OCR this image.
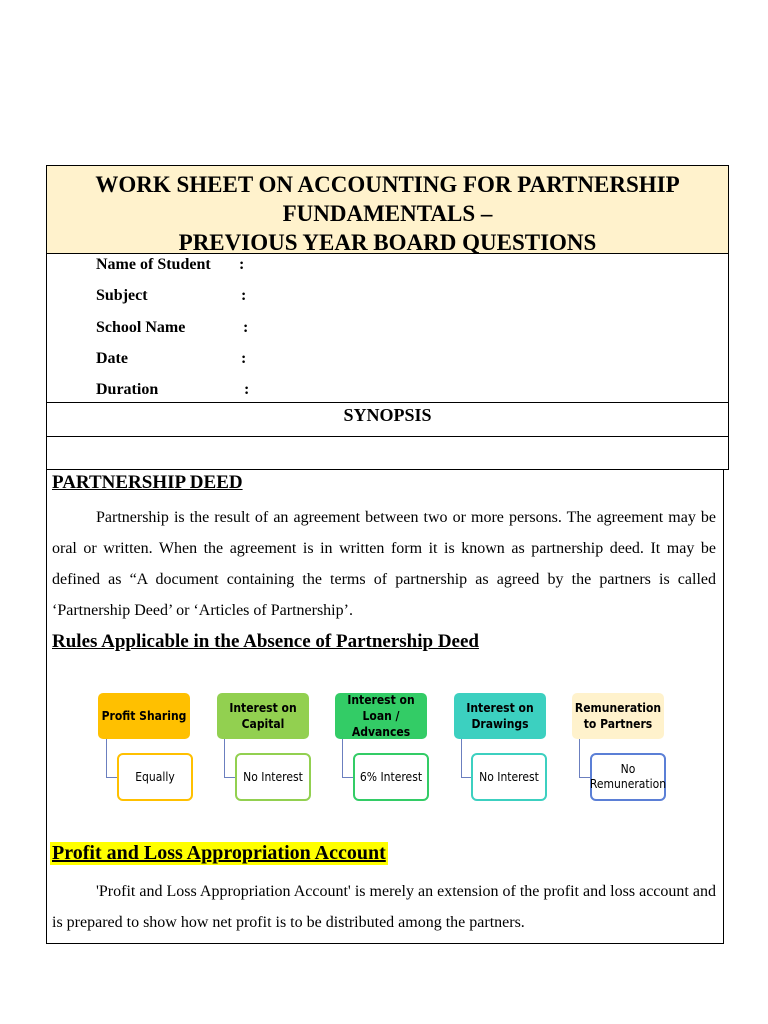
WORK SHEET ON ACCOUNTING FOR PARTNERSHIP
FUNDAMENTALS –
PREVIOUS YEAR BOARD QUESTIONS
Name of Student :
Subject	:
School Name	:
Date	:
Duration	:
SYNOPSIS
PARTNERSHIP DEED
Partnership is the result of an agreement between two or more persons. The agreement may be oral or written. When the agreement is in written form it is known as partnership deed. It may be defined as “A document containing the terms of partnership as agreed by the partners is called ‘Partnership Deed’ or ‘Articles of Partnership’.
Rules Applicable in the Absence of Partnership Deed
Profit Sharing
Equally
Interest on Capital
No Interest
Interest on Loan / Advances
6% Interest
Interest on Drawings
No Interest
Remuneration to Partners
No Remuneration
Profit and Loss Appropriation Account
'Profit and Loss Appropriation Account' is merely an extension of the profit and loss account and is prepared to show how net profit is to be distributed among the partners.
